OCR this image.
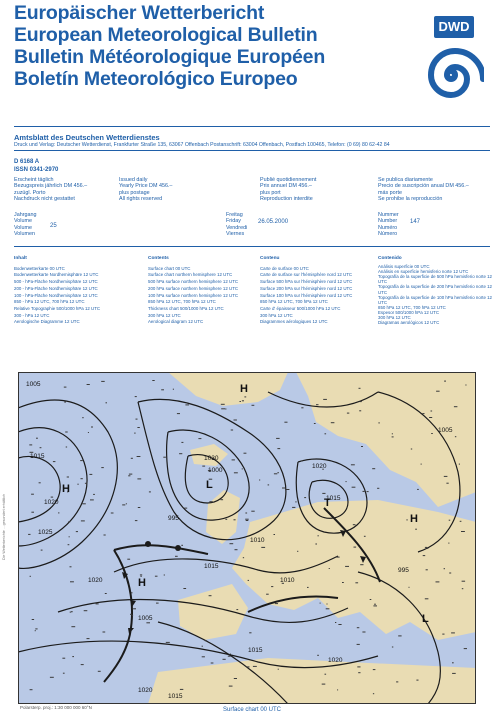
Europäischer Wetterbericht
European Meteorological Bulletin
Bulletin Météorologique Européen
Boletín Meteorológico Europeo
DWD
Amtsblatt des Deutschen Wetterdienstes
Druck und Verlag: Deutscher Wetterdienst, Frankfurter Straße 135, 63067 Offenbach Postanschrift: 63004 Offenbach, Postfach 100465, Telefon: (0 69) 80 62-42 84
D 6168 A
ISSN 0341-2970
Erscheint täglich
Bezugspreis jährlich DM 456.–
zuzügl. Porto
Nachdruck nicht gestattet
Issued daily
Yearly Price DM 456.–
plus postage
All rights reserved
Publié quotidiennement
Prix annuel DM 456.–
plus port
Reproduction interdite
Se publica diariamente
Precio de suscripción anual DM 456.–
más porte
Se prohibe la reproducción
Jahrgang
Volume
Volume
Volumen
25
Freitag
Friday
Vendredi
Viernes
26.05.2000
Nummer
Number
Numéro
Número
147
Inhalt
Bodenwetterkarte 00 UTC
Bodenwetterkarte Nordhemisphäre 12 UTC
500 - hPa-Fläche Nordhemisphäre 12 UTC
200 - hPa-Fläche Nordhemisphäre 12 UTC
100 - hPa-Fläche Nordhemisphäre 12 UTC
850 - hPa 12 UTC, 700 hPa 12 UTC
Relative Topographie 500/1000 hPa 12 UTC
300 - hPa 12 UTC
Aerologische Diagramme 12 UTC
Contents
Surface chart 00 UTC
Surface chart northern hemisphere 12 UTC
500 hPa surface northern hemisphere 12 UTC
200 hPa surface northern hemisphere 12 UTC
100 hPa surface northern hemisphere 12 UTC
850 hPa 12 UTC, 700 hPa 12 UTC
Thickness chart 500/1000 hPa 12 UTC
300 hPa 12 UTC
Aerological diagram 12 UTC
Contenu
Carte de surface 00 UTC
Carte de surface sur l'hémisphère nord 12 UTC
Surface 500 hPa sur l'hémisphère nord 12 UTC
Surface 200 hPa sur l'hémisphère nord 12 UTC
Surface 100 hPa sur l'hémisphère nord 12 UTC
850 hPa 12 UTC, 700 hPa 12 UTC
Carte d' épaisseur 500/1000 hPa 12 UTC
300 hPa 12 UTC
Diagrammes aérologiques 12 UTC
Contenido
Análisis superficie 00 UTC
Análisis en superficie hemisferio norte 12 UTC
Topografía de la superficie de 500 hPa hemisferio norte 12 UTC
Topografía de la superficie de 200 hPa hemisferio norte 12 UTC
Topografía de la superficie de 100 hPa hemisferio norte 12 UTC
850 hPa 12 UTC, 700 hPa 12 UTC
Espesor 500/1000 hPa 12 UTC
300 hPa 12 UTC
Diagramas aerológicos 12 UTC
1005
1015
1020
1025
1030
1000
995
1010
1005
1015
1020
1015
1020
1010
995
1020
1015
1005
1020
1015
H	L
H
T
H
H
L
Polarsterp. proj.: 1:30 000 000 60°N	Surface chart 00 UTC
Die Wetterberichte ... gesondert erhältlich
